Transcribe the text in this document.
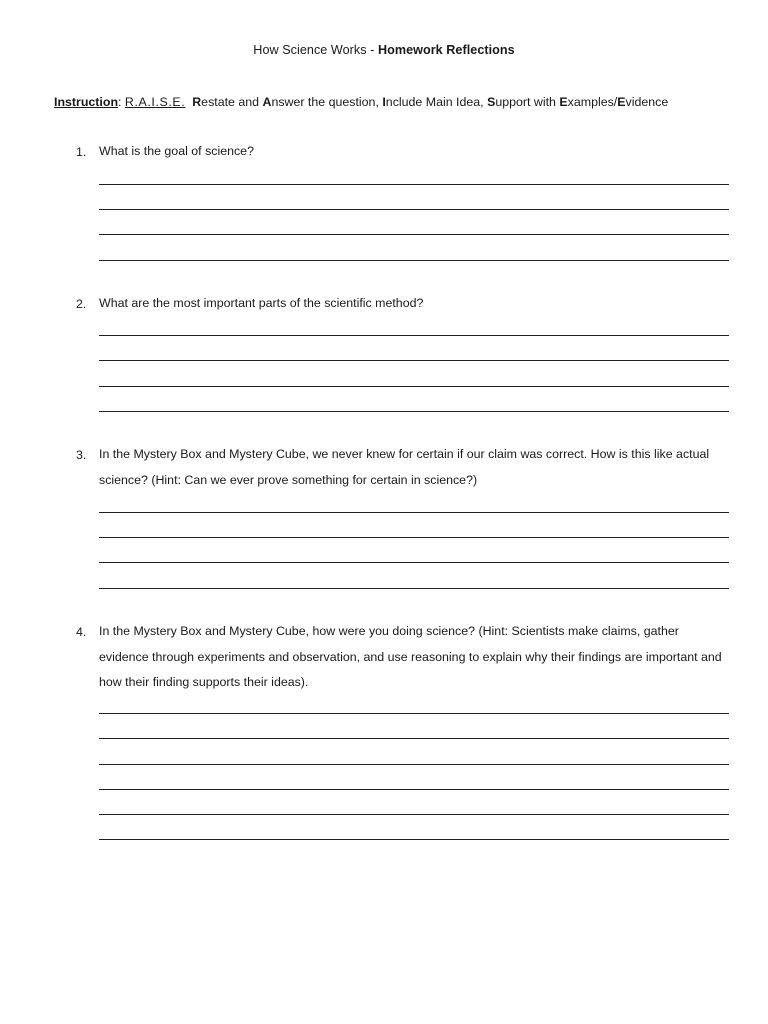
How Science Works - Homework Reflections
Instruction: R.A.I.S.E. Restate and Answer the question, Include Main Idea, Support with Examples/Evidence
1. What is the goal of science?
2. What are the most important parts of the scientific method?
3. In the Mystery Box and Mystery Cube, we never knew for certain if our claim was correct. How is this like actual science? (Hint: Can we ever prove something for certain in science?)
4. In the Mystery Box and Mystery Cube, how were you doing science? (Hint: Scientists make claims, gather evidence through experiments and observation, and use reasoning to explain why their findings are important and how their finding supports their ideas).
